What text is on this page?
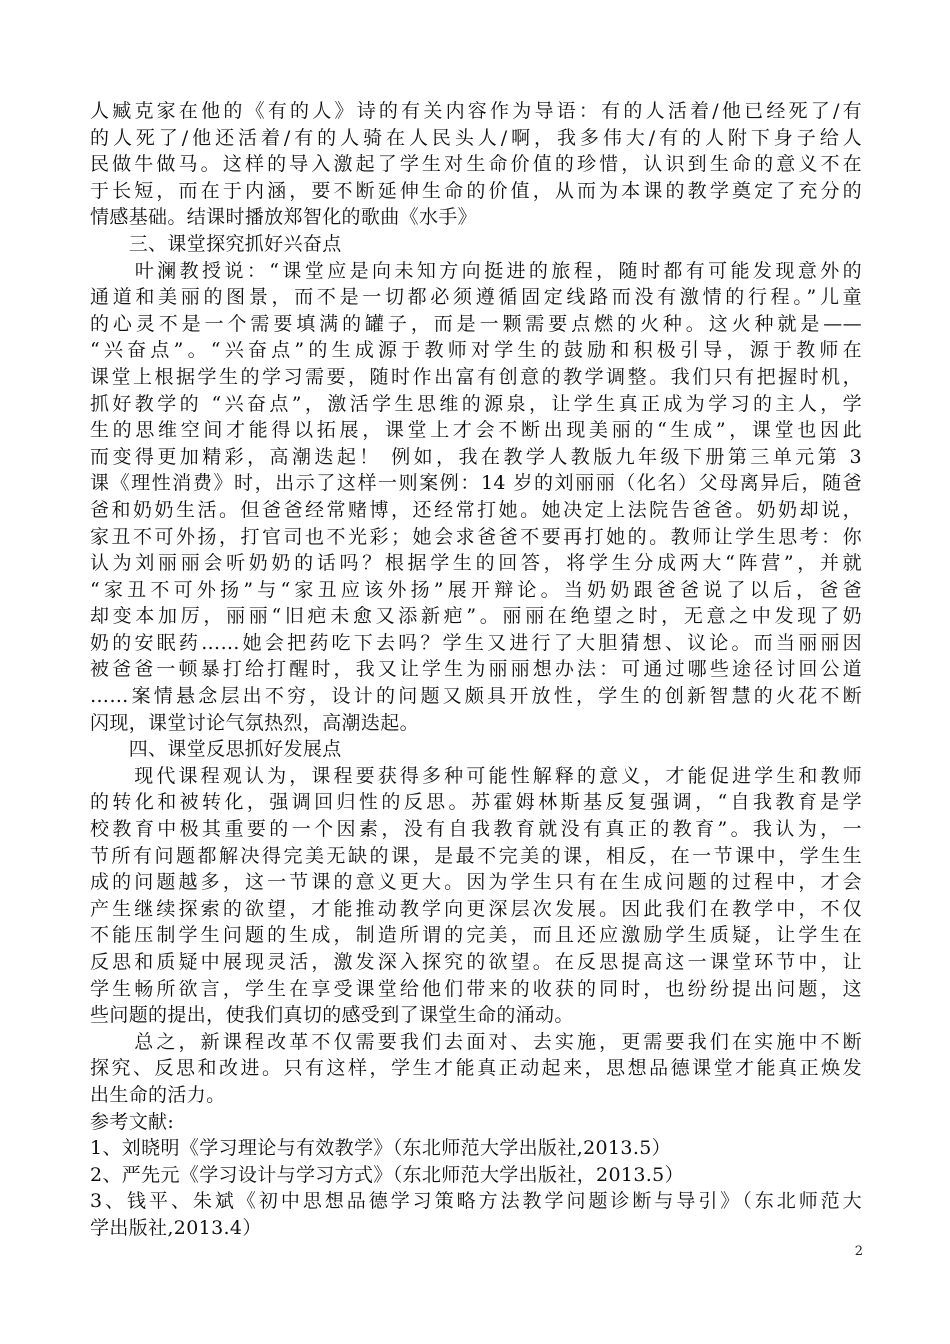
人臧克家在他的《有的人》诗的有关内容作为导语：有的人活着/他已经死了/有
的人死了/他还活着/有的人骑在人民头人/啊，我多伟大/有的人附下身子给人
民做牛做马。这样的导入激起了学生对生命价值的珍惜，认识到生命的意义不在
于长短，而在于内涵，要不断延伸生命的价值，从而为本课的教学奠定了充分的
情感基础。结课时播放郑智化的歌曲《水手》
　　三、课堂探究抓好兴奋点
　　叶澜教授说：“课堂应是向未知方向挺进的旅程，随时都有可能发现意外的
通道和美丽的图景，而不是一切都必须遵循固定线路而没有激情的行程。”儿童
的心灵不是一个需要填满的罐子，而是一颗需要点燃的火种。这火种就是——
“兴奋点”。“兴奋点”的生成源于教师对学生的鼓励和积极引导，源于教师在
课堂上根据学生的学习需要，随时作出富有创意的教学调整。我们只有把握时机，
抓好教学的 “兴奋点”，激活学生思维的源泉，让学生真正成为学习的主人，学
生的思维空间才能得以拓展，课堂上才会不断出现美丽的“生成”，课堂也因此
而变得更加精彩，高潮迭起！ 例如，我在教学人教版九年级下册第三单元第 3
课《理性消费》时，出示了这样一则案例：14 岁的刘丽丽（化名）父母离异后，随爸
爸和奶奶生活。但爸爸经常赌博，还经常打她。她决定上法院告爸爸。奶奶却说，
家丑不可外扬，打官司也不光彩；她会求爸爸不要再打她的。教师让学生思考：你
认为刘丽丽会听奶奶的话吗？根据学生的回答，将学生分成两大“阵营”，并就
“家丑不可外扬”与“家丑应该外扬”展开辩论。当奶奶跟爸爸说了以后，爸爸
却变本加厉，丽丽“旧疤未愈又添新疤”。丽丽在绝望之时，无意之中发现了奶
奶的安眠药……她会把药吃下去吗？学生又进行了大胆猜想、议论。而当丽丽因
被爸爸一顿暴打给打醒时，我又让学生为丽丽想办法：可通过哪些途径讨回公道
……案情悬念层出不穷，设计的问题又颇具开放性，学生的创新智慧的火花不断
闪现，课堂讨论气氛热烈，高潮迭起。
　　四、课堂反思抓好发展点
　　现代课程观认为，课程要获得多种可能性解释的意义，才能促进学生和教师
的转化和被转化，强调回归性的反思。苏霍姆林斯基反复强调，“自我教育是学
校教育中极其重要的一个因素，没有自我教育就没有真正的教育”。我认为，一
节所有问题都解决得完美无缺的课，是最不完美的课，相反，在一节课中，学生生
成的问题越多，这一节课的意义更大。因为学生只有在生成问题的过程中，才会
产生继续探索的欲望，才能推动教学向更深层次发展。因此我们在教学中，不仅
不能压制学生问题的生成，制造所谓的完美，而且还应激励学生质疑，让学生在
反思和质疑中展现灵活，激发深入探究的欲望。在反思提高这一课堂环节中，让
学生畅所欲言，学生在享受课堂给他们带来的收获的同时，也纷纷提出问题，这
些问题的提出，使我们真切的感受到了课堂生命的涌动。
　　总之，新课程改革不仅需要我们去面对、去实施，更需要我们在实施中不断
探究、反思和改进。只有这样，学生才能真正动起来，思想品德课堂才能真正焕发
出生命的活力。
参考文献:
1、刘晓明《学习理论与有效教学》（东北师范大学出版社,2013.5）
2、严先元《学习设计与学习方式》（东北师范大学出版社，2013.5）
3、钱平、朱斌《初中思想品德学习策略方法教学问题诊断与导引》（东北师范大
学出版社,2013.4）
2
